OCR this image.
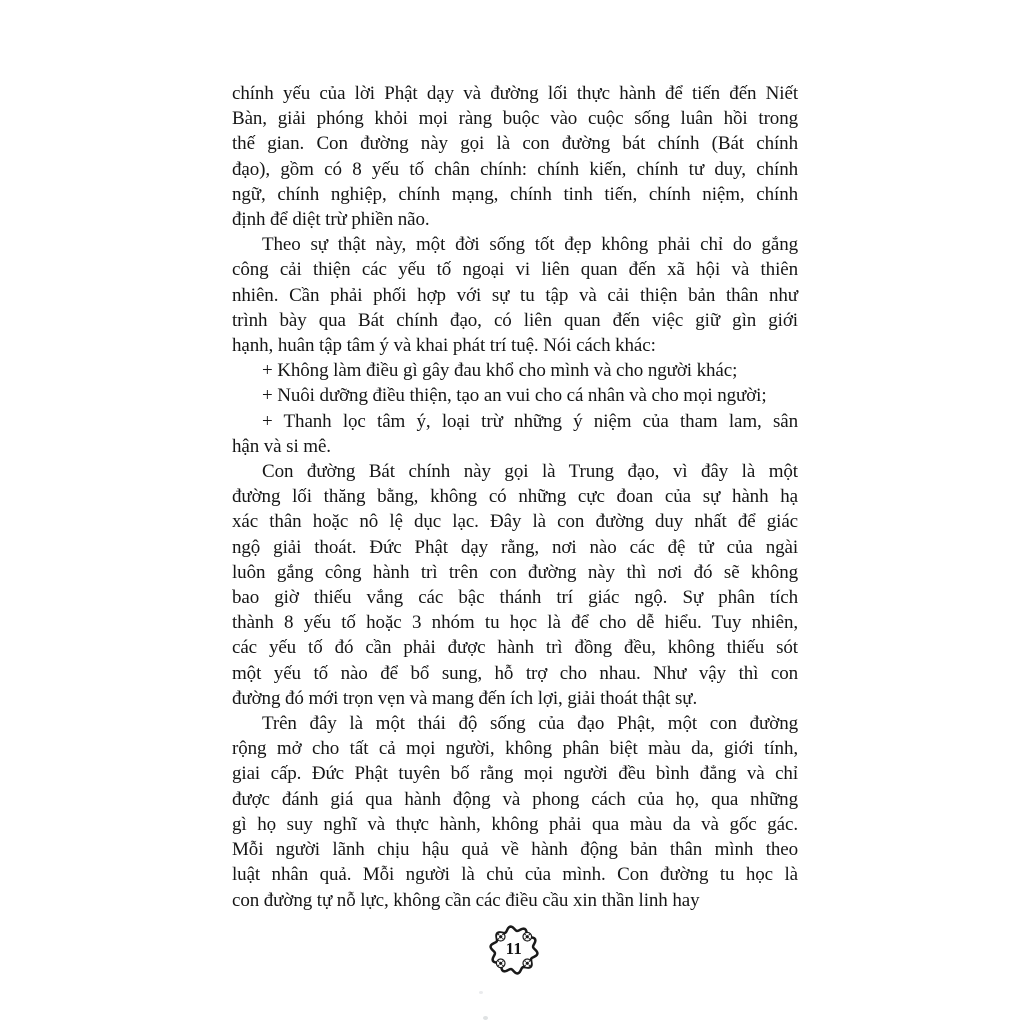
chính yếu của lời Phật dạy và đường lối thực hành để tiến đến Niết
Bàn, giải phóng khỏi mọi ràng buộc vào cuộc sống luân hồi trong
thế gian. Con đường này gọi là con đường bát chính (Bát chính
đạo), gồm có 8 yếu tố chân chính: chính kiến, chính tư duy, chính
ngữ, chính nghiệp, chính mạng, chính tinh tiến, chính niệm, chính
định để diệt trừ phiền não.
Theo sự thật này, một đời sống tốt đẹp không phải chỉ do gắng
công cải thiện các yếu tố ngoại vi liên quan đến xã hội và thiên
nhiên. Cần phải phối hợp với sự tu tập và cải thiện bản thân như
trình bày qua Bát chính đạo, có liên quan đến việc giữ gìn giới
hạnh, huân tập tâm ý và khai phát trí tuệ. Nói cách khác:
+ Không làm điều gì gây đau khổ cho mình và cho người khác;
+ Nuôi dưỡng điều thiện, tạo an vui cho cá nhân và cho mọi người;
+ Thanh lọc tâm ý, loại trừ những ý niệm của tham lam, sân
hận và si mê.
Con đường Bát chính này gọi là Trung đạo, vì đây là một
đường lối thăng bằng, không có những cực đoan của sự hành hạ
xác thân hoặc nô lệ dục lạc. Đây là con đường duy nhất để giác
ngộ giải thoát. Đức Phật dạy rằng, nơi nào các đệ tử của ngài
luôn gắng công hành trì trên con đường này thì nơi đó sẽ không
bao giờ thiếu vắng các bậc thánh trí giác ngộ. Sự phân tích
thành 8 yếu tố hoặc 3 nhóm tu học là để cho dễ hiểu. Tuy nhiên,
các yếu tố đó cần phải được hành trì đồng đều, không thiếu sót
một yếu tố nào để bổ sung, hỗ trợ cho nhau. Như vậy thì con
đường đó mới trọn vẹn và mang đến ích lợi, giải thoát thật sự.
Trên đây là một thái độ sống của đạo Phật, một con đường
rộng mở cho tất cả mọi người, không phân biệt màu da, giới tính,
giai cấp. Đức Phật tuyên bố rằng mọi người đều bình đẳng và chỉ
được đánh giá qua hành động và phong cách của họ, qua những
gì họ suy nghĩ và thực hành, không phải qua màu da và gốc gác.
Mỗi người lãnh chịu hậu quả về hành động bản thân mình theo
luật nhân quả. Mỗi người là chủ của mình. Con đường tu học là
con đường tự nỗ lực, không cần các điều cầu xin thần linh hay
11
